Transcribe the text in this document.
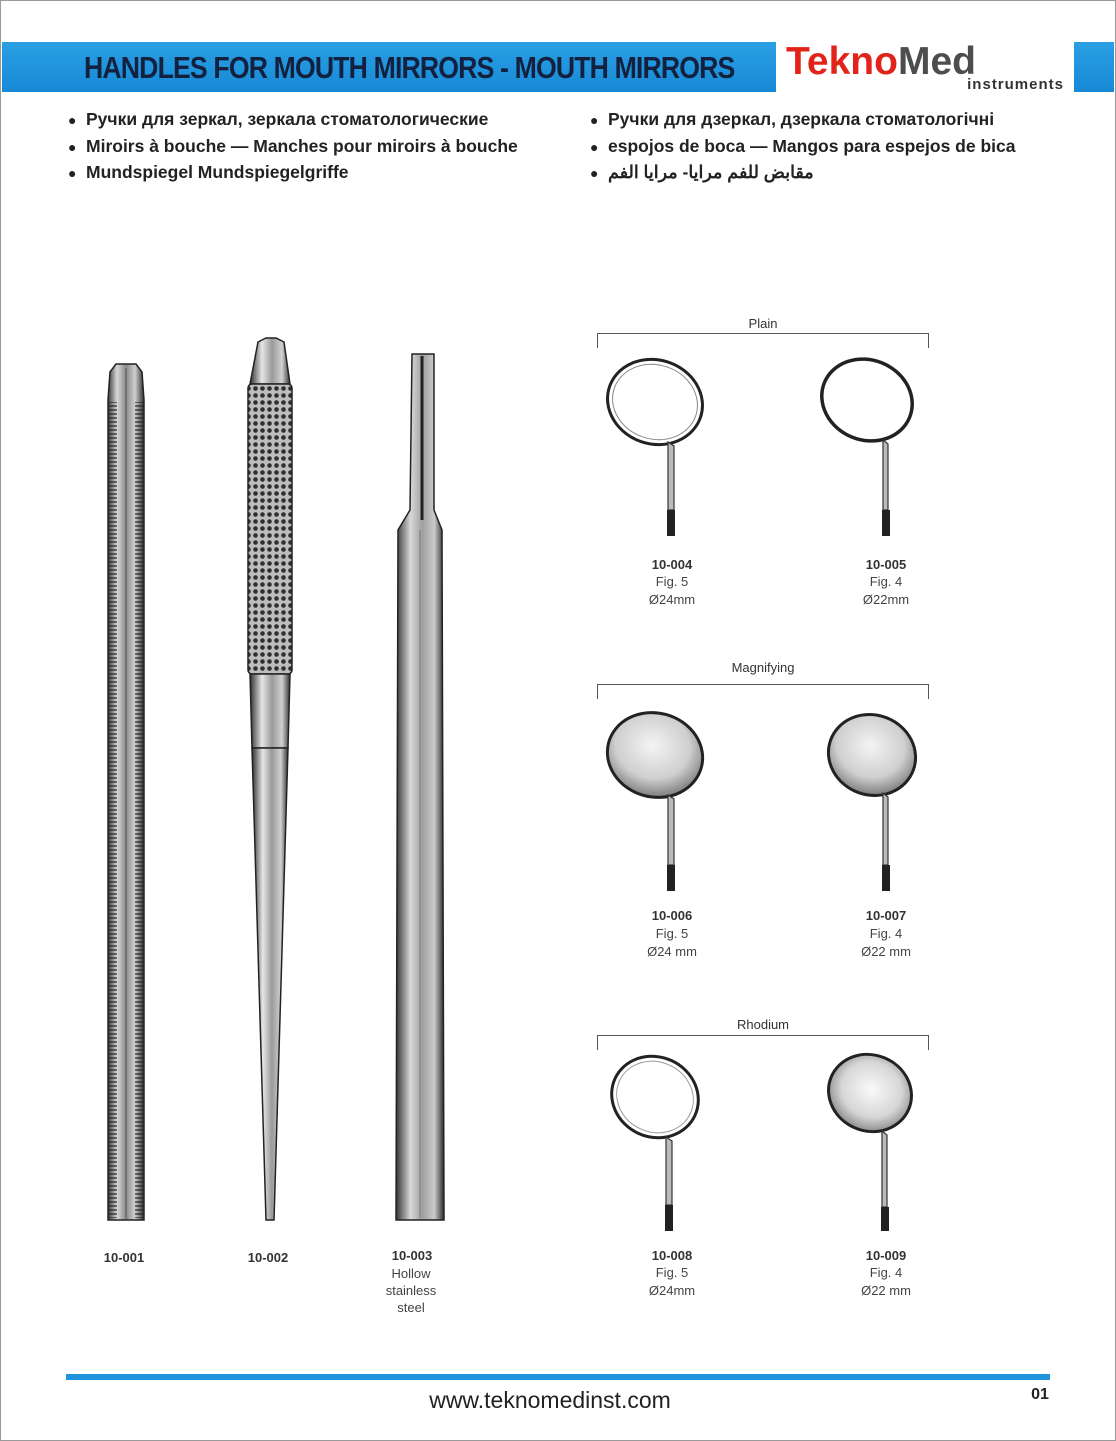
HANDLES FOR MOUTH MIRRORS - MOUTH MIRRORS TeknoMed
instruments
● Ручки для зеркал, зеркала стоматологические
● Miroirs à bouche — Manches pour miroirs à bouche
● Mundspiegel Mundspiegelgriffe
● Ручки для дзеркал, дзеркала стоматологічні
● espojos de boca — Mangos para espejos de bica
● مقابض للفم مرايا- مرايا الفم
10-001	10-002	10-003
Hollow
stainless
steel
Plain
10-004
Fig. 5
Ø24mm
10-005
Fig. 4
Ø22mm
Magnifying
10-006
Fig. 5
Ø24 mm
10-007
Fig. 4
Ø22 mm
Rhodium
10-008
Fig. 5
Ø24mm
10-009
Fig. 4
Ø22 mm
www.teknomedinst.com	01
